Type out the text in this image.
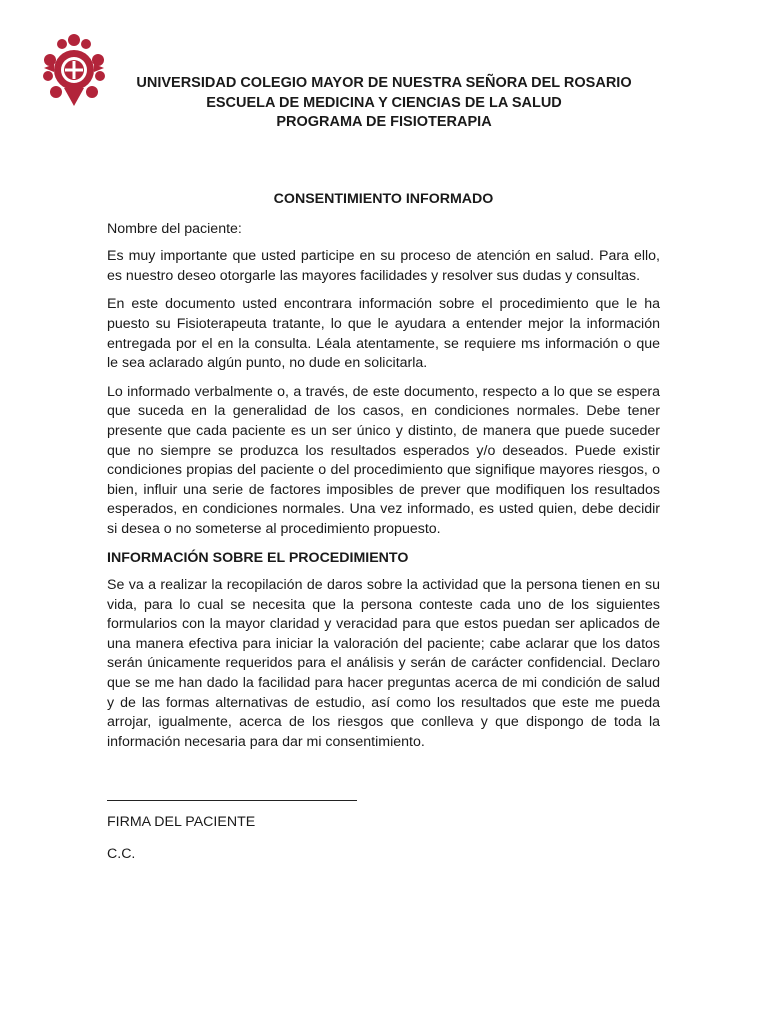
UNIVERSIDAD COLEGIO MAYOR DE NUESTRA SEÑORA DEL ROSARIO
ESCUELA DE MEDICINA Y CIENCIAS DE LA SALUD
PROGRAMA DE FISIOTERAPIA
CONSENTIMIENTO INFORMADO
Nombre del paciente:

Es muy importante que usted participe en su proceso de atención en salud. Para ello, es nuestro deseo otorgarle las mayores facilidades y resolver sus dudas y consultas.

En este documento usted encontrara información sobre el procedimiento que le ha puesto su Fisioterapeuta tratante, lo que le ayudara a entender mejor la información entregada por el en la consulta. Léala atentamente, se requiere ms información o que le sea aclarado algún punto, no dude en solicitarla.

Lo informado verbalmente o, a través, de este documento, respecto a lo que se espera que suceda en la generalidad de los casos, en condiciones normales. Debe tener presente que cada paciente es un ser único y distinto, de manera que puede suceder que no siempre se produzca los resultados esperados y/o deseados. Puede existir condiciones propias del paciente o del procedimiento que signifique mayores riesgos, o bien, influir una serie de factores imposibles de prever que modifiquen los resultados esperados, en condiciones normales. Una vez informado, es usted quien, debe decidir si desea o no someterse al procedimiento propuesto.

INFORMACIÓN SOBRE EL PROCEDIMIENTO

Se va a realizar la recopilación de daros sobre la actividad que la persona tienen en su vida, para lo cual se necesita que la persona conteste cada uno de los siguientes formularios con la mayor claridad y veracidad para que estos puedan ser aplicados de una manera efectiva para iniciar la valoración del paciente; cabe aclarar que los datos serán únicamente requeridos para el análisis y serán de carácter confidencial. Declaro que se me han dado la facilidad para hacer preguntas acerca de mi condición de salud y de las formas alternativas de estudio, así como los resultados que este me pueda arrojar, igualmente, acerca de los riesgos que conlleva y que dispongo de toda la información necesaria para dar mi consentimiento.

FIRMA DEL PACIENTE
C.C.
